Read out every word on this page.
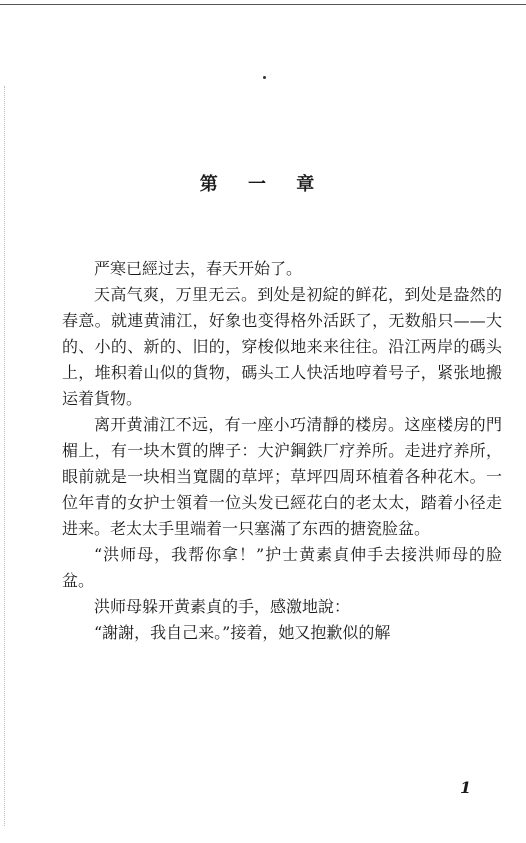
第 一 章

严寒已經过去，春天开始了。

天高气爽，万里无云。到处是初綻的鲜花，到处是盎然的春意。就連黄浦江，好象也变得格外活跃了，无数船只——大的、小的、新的、旧的，穿梭似地来来往往。沿江两岸的碼头上，堆积着山似的貨物，碼头工人快活地哼着号子，紧张地搬运着貨物。

离开黄浦江不远，有一座小巧清靜的楼房。这座楼房的門楣上，有一块木質的牌子：大沪鋼鉄厂疗养所。走进疗养所，眼前就是一块相当寬闊的草坪；草坪四周环植着各种花木。一位年青的女护士領着一位头发已經花白的老太太，踏着小径走进来。老太太手里端着一只塞滿了东西的搪瓷脸盆。

“洪师母，我帮你拿！”护士黄素貞伸手去接洪师母的脸盆。

洪师母躲开黄素貞的手，感激地說：

“謝謝，我自己来。”接着，她又抱歉似的解

1
